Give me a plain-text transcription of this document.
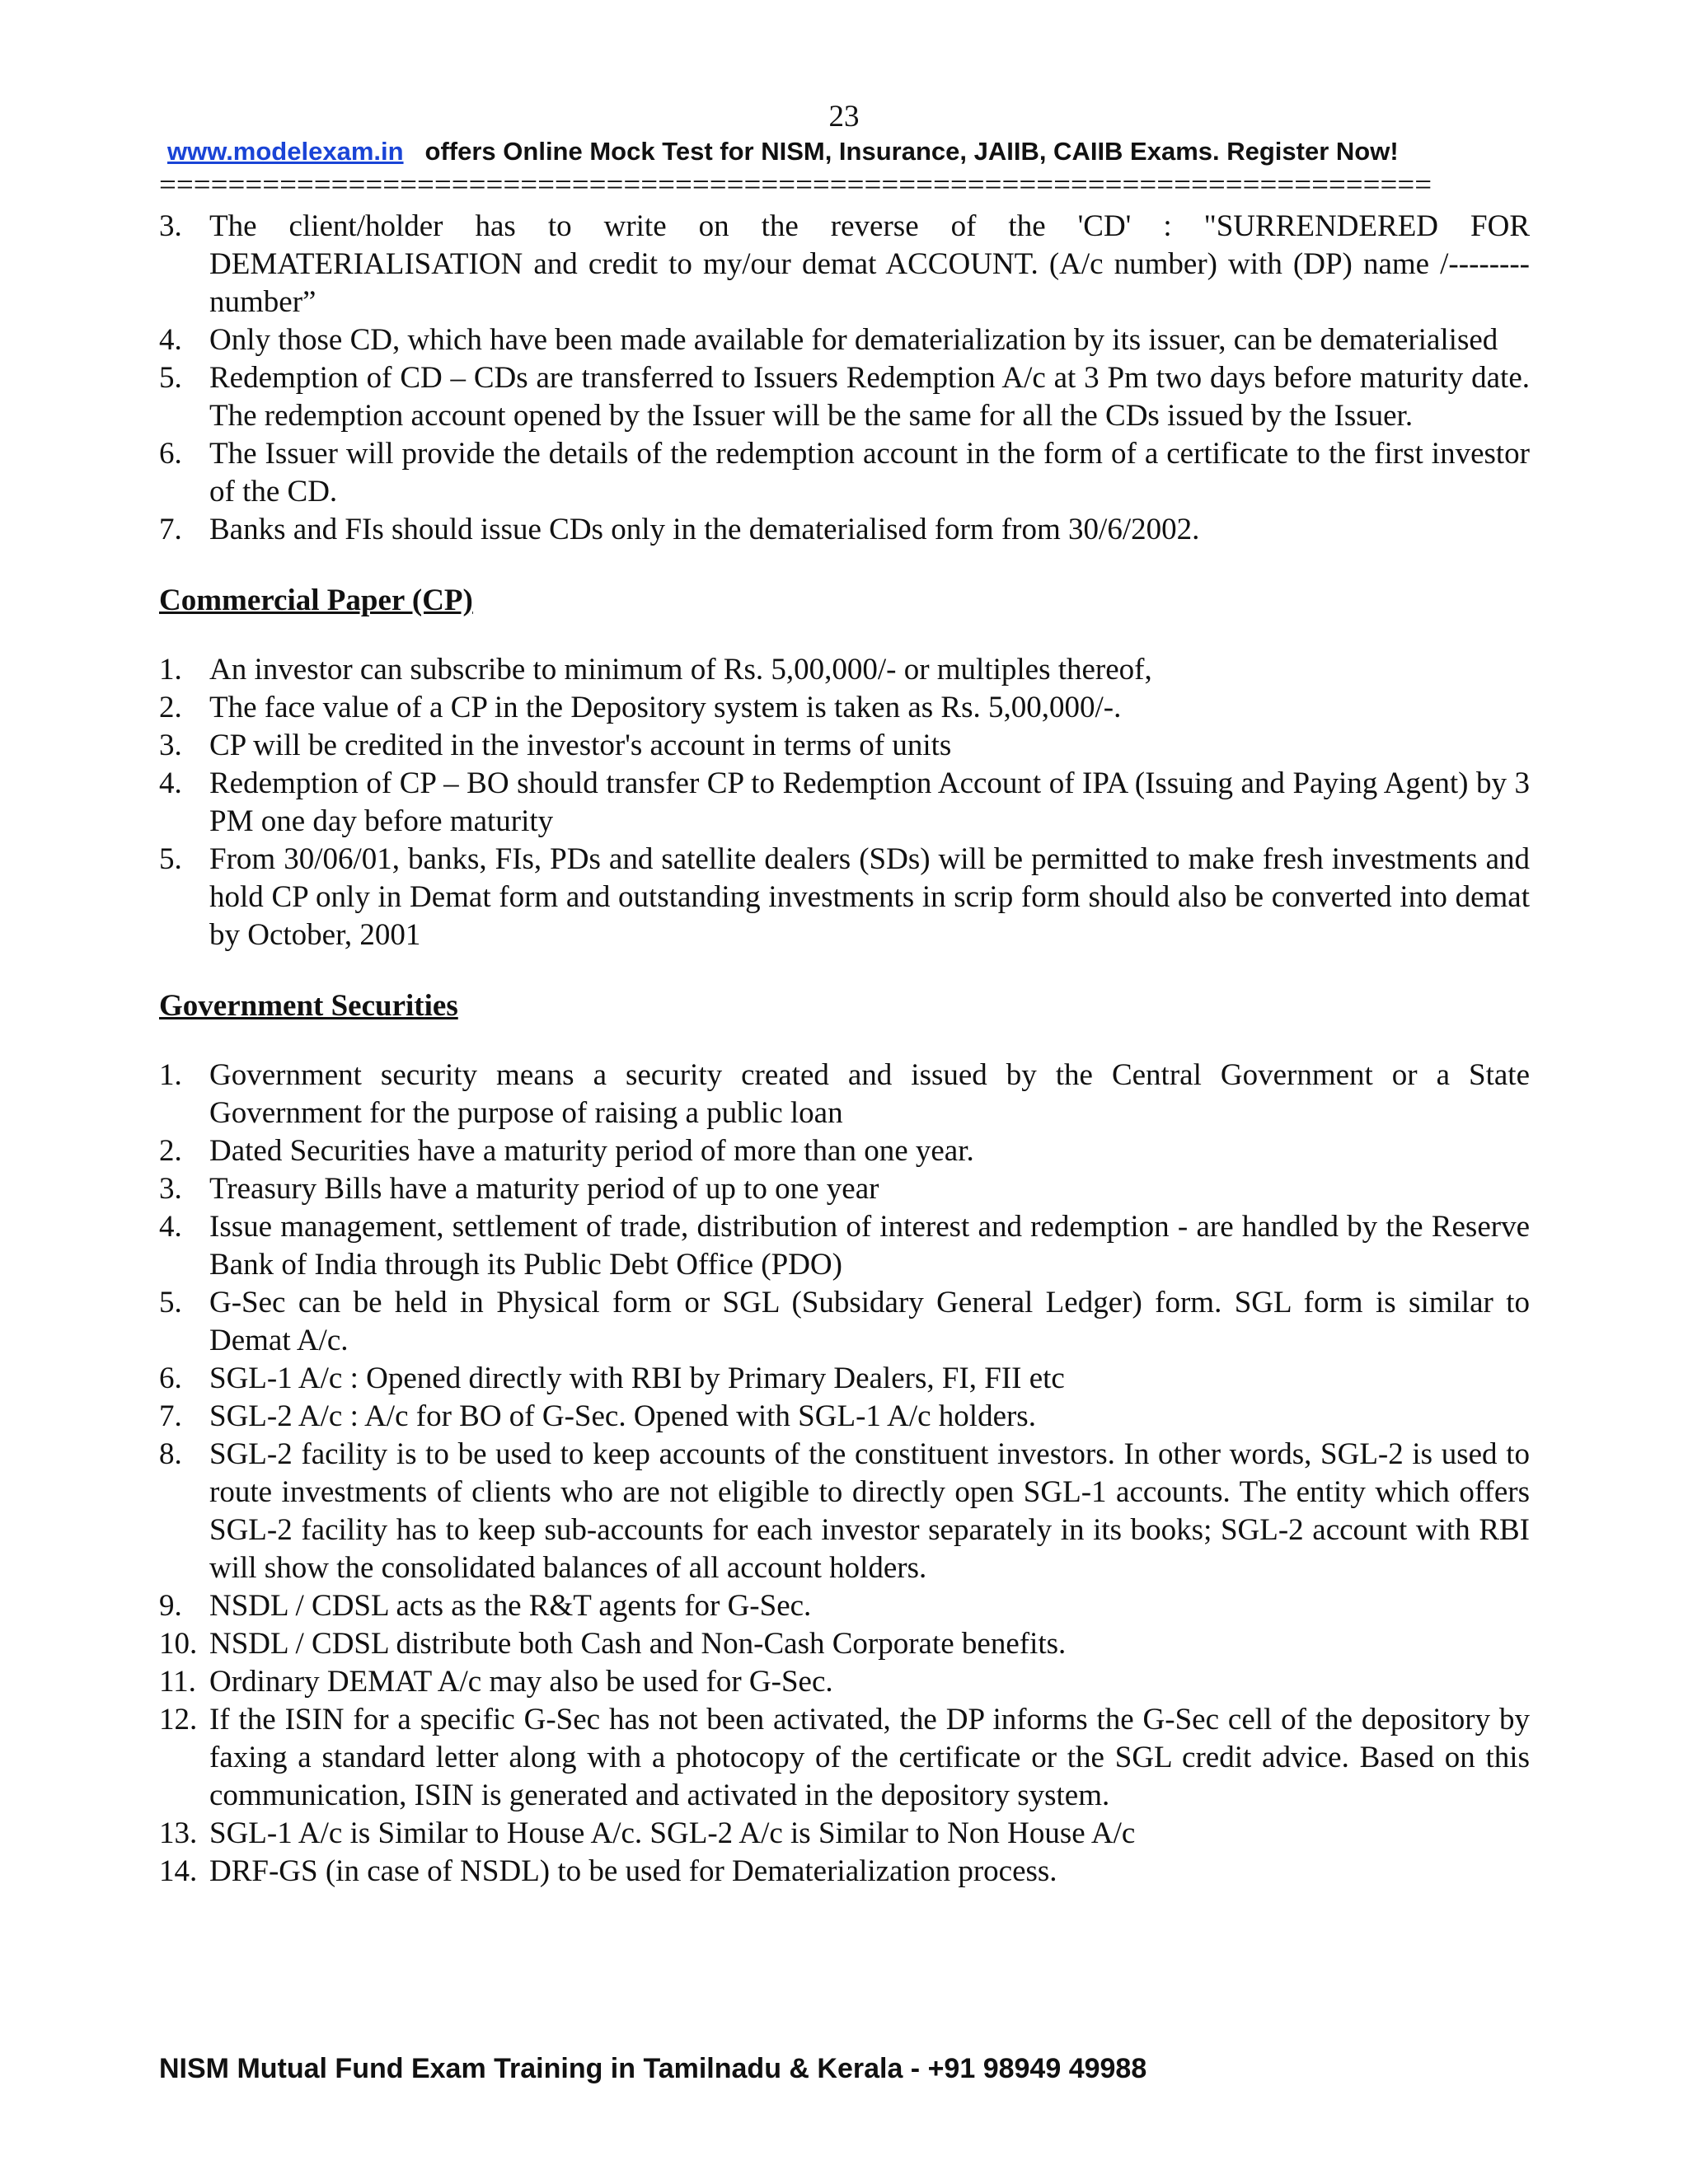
23
www.modelexam.in offers Online Mock Test for NISM, Insurance, JAIIB, CAIIB Exams. Register Now!
==========================================================================
3. The client/holder has to write on the reverse of the 'CD' : "SURRENDERED FOR DEMATERIALISATION and credit to my/our demat ACCOUNT. (A/c number) with (DP) name /-------- number”
4. Only those CD, which have been made available for dematerialization by its issuer, can be dematerialised
5. Redemption of CD – CDs are transferred to Issuers Redemption A/c at 3 Pm two days before maturity date. The redemption account opened by the Issuer will be the same for all the CDs issued by the Issuer.
6. The Issuer will provide the details of the redemption account in the form of a certificate to the first investor of the CD.
7. Banks and FIs should issue CDs only in the dematerialised form from 30/6/2002.
Commercial Paper (CP)
1. An investor can subscribe to minimum of Rs. 5,00,000/- or multiples thereof,
2. The face value of a CP in the Depository system is taken as Rs. 5,00,000/-.
3. CP will be credited in the investor's account in terms of units
4. Redemption of CP – BO should transfer CP to Redemption Account of IPA (Issuing and Paying Agent) by 3 PM one day before maturity
5. From 30/06/01, banks, FIs, PDs and satellite dealers (SDs) will be permitted to make fresh investments and hold CP only in Demat form and outstanding investments in scrip form should also be converted into demat by October, 2001
Government Securities
1. Government security means a security created and issued by the Central Government or a State Government for the purpose of raising a public loan
2. Dated Securities have a maturity period of more than one year.
3. Treasury Bills have a maturity period of up to one year
4. Issue management, settlement of trade, distribution of interest and redemption - are handled by the Reserve Bank of India through its Public Debt Office (PDO)
5. G-Sec can be held in Physical form or SGL (Subsidary General Ledger) form. SGL form is similar to Demat A/c.
6. SGL-1 A/c : Opened directly with RBI by Primary Dealers, FI, FII etc
7. SGL-2 A/c : A/c for BO of G-Sec. Opened with SGL-1 A/c holders.
8. SGL-2 facility is to be used to keep accounts of the constituent investors. In other words, SGL-2 is used to route investments of clients who are not eligible to directly open SGL-1 accounts. The entity which offers SGL-2 facility has to keep sub-accounts for each investor separately in its books; SGL-2 account with RBI will show the consolidated balances of all account holders.
9. NSDL / CDSL acts as the R&T agents for G-Sec.
10. NSDL / CDSL distribute both Cash and Non-Cash Corporate benefits.
11. Ordinary DEMAT A/c may also be used for G-Sec.
12. If the ISIN for a specific G-Sec has not been activated, the DP informs the G-Sec cell of the depository by faxing a standard letter along with a photocopy of the certificate or the SGL credit advice. Based on this communication, ISIN is generated and activated in the depository system.
13. SGL-1 A/c is Similar to House A/c. SGL-2 A/c is Similar to Non House A/c
14. DRF-GS (in case of NSDL) to be used for Dematerialization process.
NISM Mutual Fund Exam Training in Tamilnadu & Kerala - +91 98949 49988
